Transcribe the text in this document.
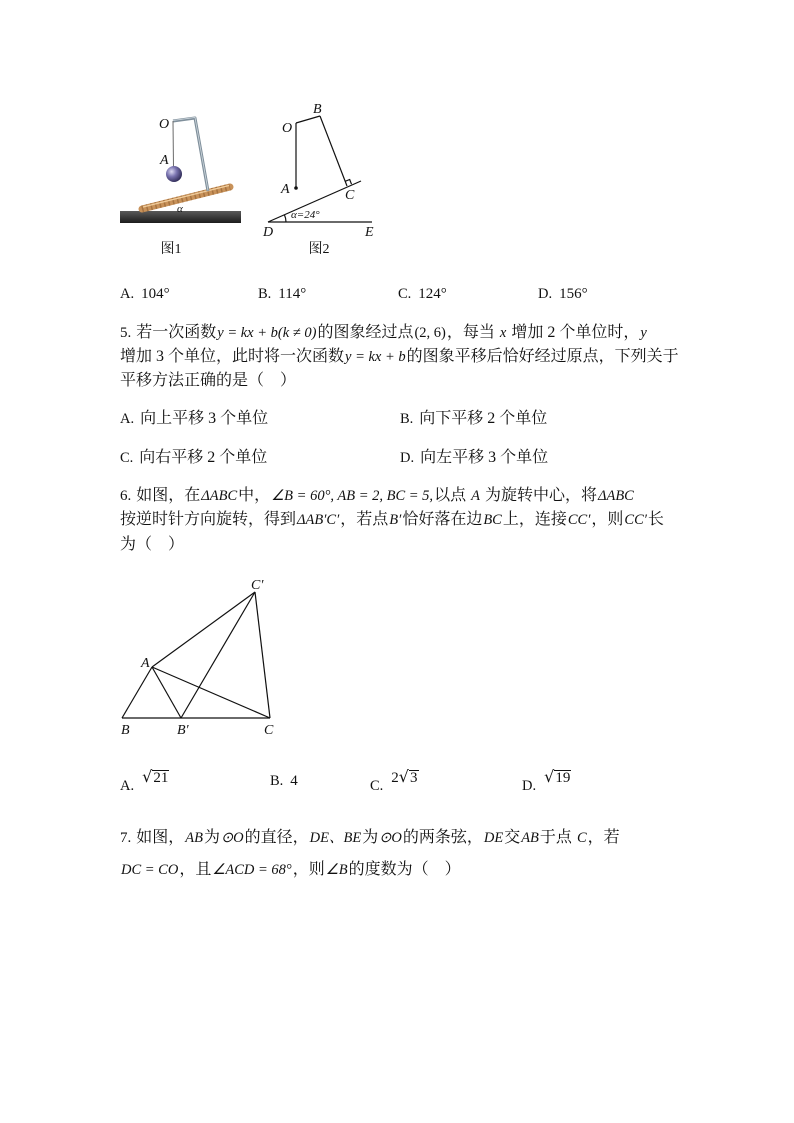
O
A
α
图1
O
B
A	C
D	E
α=24°
图2
A. 104°	B. 114°	C. 124°	D. 156°
5. 若一次函数y = kx + b(k ≠ 0)的图象经过点(2, 6)，每当 x 增加 2 个单位时，y
增加 3 个单位，此时将一次函数y = kx + b的图象平移后恰好经过原点，下列关于
平移方法正确的是（　）
A. 向上平移 3 个单位	B. 向下平移 2 个单位
C. 向右平移 2 个单位	D. 向左平移 3 个单位
6. 如图，在ΔABC中，∠B = 60°, AB = 2, BC = 5,以点 A 为旋转中心，将ΔABC
按逆时针方向旋转，得到ΔAB′C′，若点B′恰好落在边BC上，连接CC′，则CC′长
为（　）
C′
A
B	B′	C
A. √21	B. 4	C. 2√3	D. √19
7. 如图，AB为⊙O的直径，DE、BE为⊙O的两条弦，DE交AB于点 C，若
DC = CO，且∠ACD = 68°，则∠B的度数为（　）
